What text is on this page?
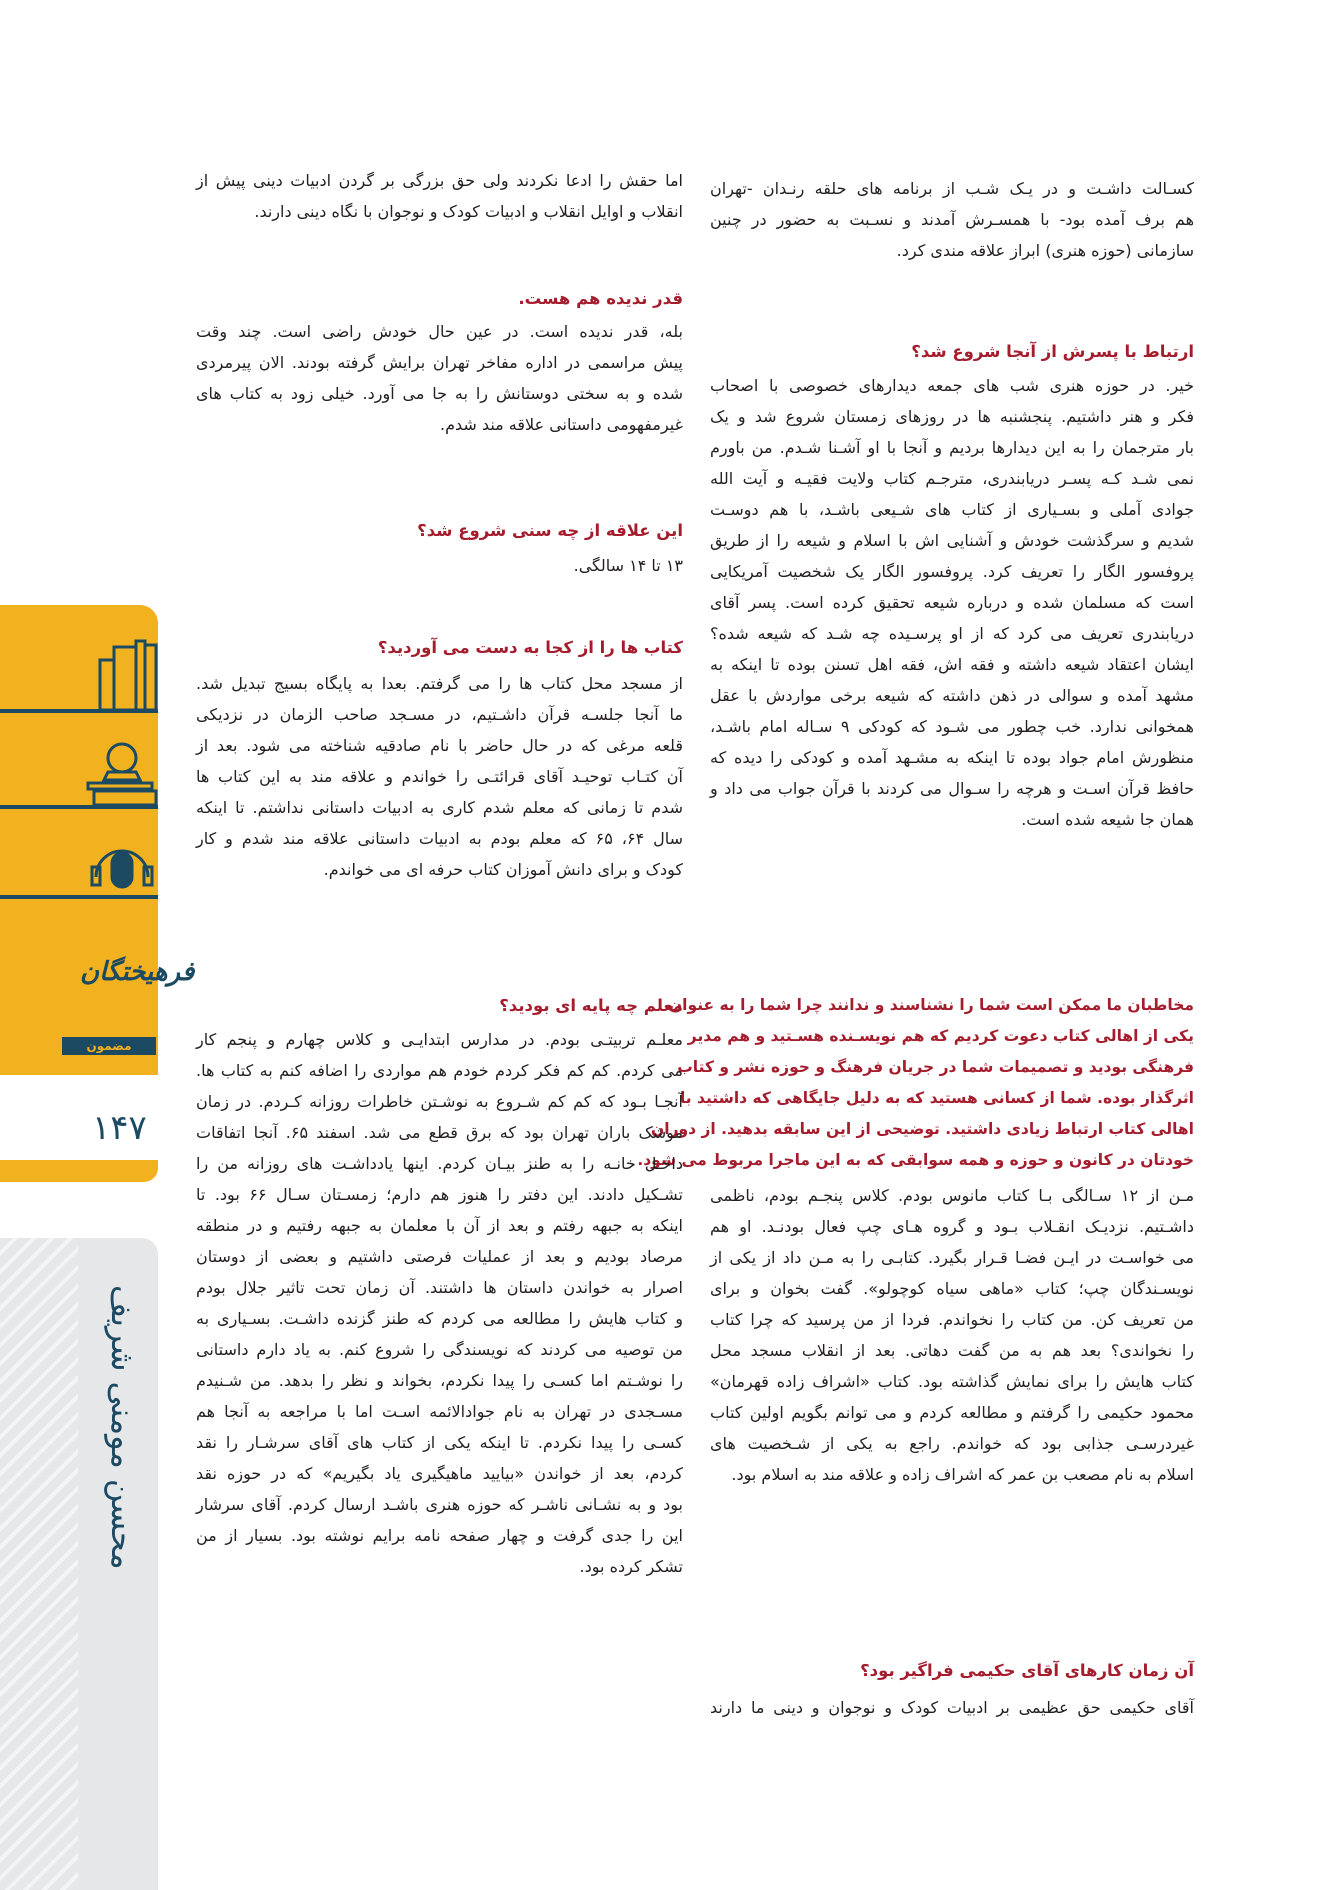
فرهیختگان
مضمون
۱۴۷
محسن مومنی شریف
کسـالت داشـت و در یـک شـب از برنامه های حلقه رنـدان -تهران
هم برف آمده بود- با همسـرش آمدند و نسـبت به حضور در چنین
سازمانی (حوزه هنری) ابراز علاقه مندی کرد.
ارتباط با پسرش از آنجا شروع شد؟
خیر. در حوزه هنری شب های جمعه دیدارهای خصوصی با اصحاب
فکر و هنر داشتیم. پنجشنبه ها در روزهای زمستان شروع شد و یک
بار مترجمان را به این دیدارها بردیم و آنجا با او آشـنا شـدم. من باورم
نمی شـد کـه پسـر دریابندری، مترجـم کتاب ولایت فقیـه و آیت الله
جوادی آملی و بسـیاری از کتاب های شـیعی باشـد، با هم دوسـت
شدیم و سرگذشت خودش و آشنایی اش با اسلام و شیعه را از طریق
پروفسور الگار را تعریف کرد. پروفسور الگار یک شخصیت آمریکایی
است که مسلمان شده و درباره شیعه تحقیق کرده است. پسر آقای
دریابندری تعریف می کرد که از او پرسـیده چه شـد که شیعه شده؟
ایشان اعتقاد شیعه داشته و فقه اش، فقه اهل تسنن بوده تا اینکه به
مشهد آمده و سوالی در ذهن داشته که شیعه برخی مواردش با عقل
همخوانی ندارد. خب چطور می شـود که کودکی ۹ سـاله امام باشـد،
منظورش امام جواد بوده تا اینکه به مشـهد آمده و کودکی را دیده که
حافظ قرآن اسـت و هرچه را سـوال می کردند با قرآن جواب می داد و
همان جا شیعه شده است.
مخاطبان ما ممکن است شما را نشناسند و ندانند چرا شما را به عنوان
یکی از اهالی کتاب دعوت کردیم که هم نویسـنده هسـتید و هم مدیر
فرهنگی بودید و تصمیمات شما در جریان فرهنگ و حوزه نشر و کتاب
اثرگذار بوده. شما از کسانی هستید که به دلیل جایگاهی که داشتید با
اهالی کتاب ارتباط زیادی داشتید. توضیحی از این سابقه بدهید. از دوران
خودتان در کانون و حوزه و همه سوابقی که به این ماجرا مربوط می شود.
مـن از ۱۲ سـالگی بـا کتاب مانوس بودم. کلاس پنجـم بودم، ناظمی
داشـتیم. نزدیـک انقـلاب بـود و گروه هـای چپ فعال بودنـد. او هم
می خواسـت در ایـن فضـا قـرار بگیرد. کتابـی را به مـن داد از یکی از
نویسـندگان چپ؛ کتاب «ماهی سیاه کوچولو». گفت بخوان و برای
من تعریف کن. من کتاب را نخواندم. فردا از من پرسید که چرا کتاب
را نخواندی؟ بعد هم به من گفت دهاتی. بعد از انقلاب مسجد محل
کتاب هایش را برای نمایش گذاشته بود. کتاب «اشراف زاده قهرمان»
محمود حکیمی را گرفتم و مطالعه کردم و می توانم بگویم اولین کتاب
غیردرسـی جذابی بود که خواندم. راجع به یکی از شـخصیت های
اسلام به نام مصعب بن عمر که اشراف زاده و علاقه مند به اسلام بود.
آن زمان کارهای آقای حکیمی فراگیر بود؟
آقای حکیمی حق عظیمی بر ادبیات کودک و نوجوان و دینی ما دارند
اما حقش را ادعا نکردند ولی حق بزرگی بر گردن ادبیات دینی پیش از
انقلاب و اوایل انقلاب و ادبیات کودک و نوجوان با نگاه دینی دارند.
قدر ندیده هم هست.
بله، قدر ندیده است. در عین حال خودش راضی است. چند وقت
پیش مراسمی در اداره مفاخر تهران برایش گرفته بودند. الان پیرمردی
شده و به سختی دوستانش را به جا می آورد. خیلی زود به کتاب های
غیرمفهومی داستانی علاقه مند شدم.
این علاقه از چه سنی شروع شد؟
۱۳ تا ۱۴ سالگی.
کتاب ها را از کجا به دست می آوردید؟
از مسجد محل کتاب ها را می گرفتم. بعدا به پایگاه بسیج تبدیل شد.
ما آنجا جلسـه قرآن داشـتیم، در مسـجد صاحب الزمان در نزدیکی
قلعه مرغی که در حال حاضر با نام صادقیه شناخته می شود. بعد از
آن کتـاب توحیـد آقای قرائتـی را خواندم و علاقه مند به این کتاب ها
شدم تا زمانی که معلم شدم کاری به ادبیات داستانی نداشتم. تا اینکه
سال ۶۴، ۶۵ که معلم بودم به ادبیات داستانی علاقه مند شدم و کار
کودک و برای دانش آموزان کتاب حرفه ای می خواندم.
معلم چه پایه ای بودید؟
معلـم تربیتـی بودم. در مدارس ابتدایـی و کلاس چهارم و پنجم کار
می کردم. کم کم فکر کردم خودم هم مواردی را اضافه کنم به کتاب ها.
آنجـا بـود که کم کم شـروع به نوشـتن خاطرات روزانه کـردم. در زمان
موشک باران تهران بود که برق قطع می شد. اسفند ۶۵. آنجا اتفاقات
داخـل خانـه را به طنز بیـان کردم. اینها یادداشـت های روزانه من را
تشـکیل دادند. این دفتر را هنوز هم دارم؛ زمسـتان سـال ۶۶ بود. تا
اینکه به جبهه رفتم و بعد از آن با معلمان به جبهه رفتیم و در منطقه
مرصاد بودیم و بعد از عملیات فرصتی داشتیم و بعضی از دوستان
اصرار به خواندن داستان ها داشتند. آن زمان تحت تاثیر جلال بودم
و کتاب هایش را مطالعه می کردم که طنز گزنده داشـت. بسـیاری به
من توصیه می کردند که نویسندگی را شروع کنم. به یاد دارم داستانی
را نوشـتم اما کسـی را پیدا نکردم، بخواند و نظر را بدهد. من شـنیدم
مسـجدی در تهران به نام جوادالائمه اسـت اما با مراجعه به آنجا هم
کسـی را پیدا نکردم. تا اینکه یکی از کتاب های آقای سرشـار را نقد
کردم، بعد از خواندن «بیایید ماهیگیری یاد بگیریم» که در حوزه نقد
بود و به نشـانی ناشـر که حوزه هنری باشـد ارسال کردم. آقای سرشار
این را جدی گرفت و چهار صفحه نامه برایم نوشته بود. بسیار از من
تشکر کرده بود.
